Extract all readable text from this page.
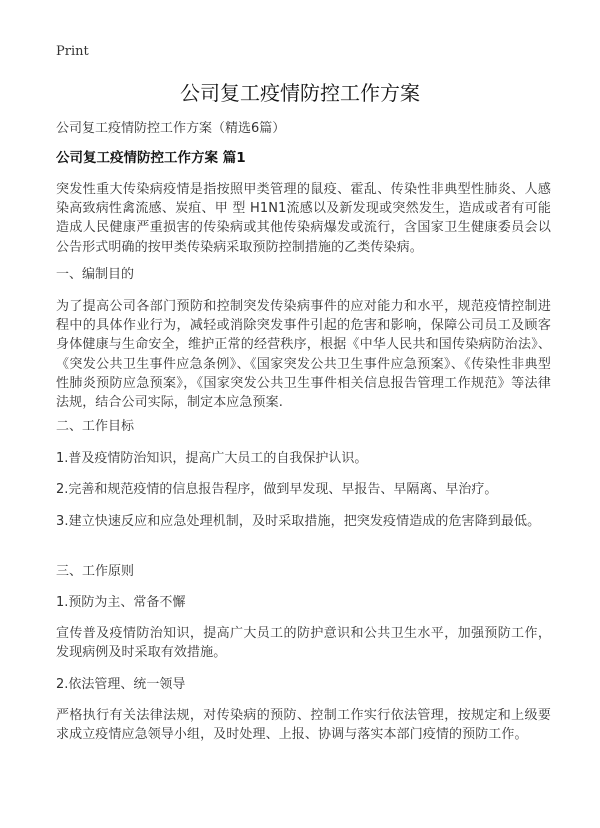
Print
公司复工疫情防控工作方案
公司复工疫情防控工作方案（精选6篇）
公司复工疫情防控工作方案 篇1
突发性重大传染病疫情是指按照甲类管理的鼠疫、霍乱、传染性非典型性肺炎、人感染高致病性禽流感、炭疽、甲 型 H1N1流感以及新发现或突然发生，造成或者有可能造成人民健康严重损害的传染病或其他传染病爆发或流行，含国家卫生健康委员会以公告形式明确的按甲类传染病采取预防控制措施的乙类传染病。
一、编制目的
为了提高公司各部门预防和控制突发传染病事件的应对能力和水平，规范疫情控制进程中的具体作业行为，减轻或消除突发事件引起的危害和影响，保障公司员工及顾客身体健康与生命安全，维护正常的经营秩序，根据《中华人民共和国传染病防治法》、《突发公共卫生事件应急条例》、《国家突发公共卫生事件应急预案》、《传染性非典型性肺炎预防应急预案》，《国家突发公共卫生事件相关信息报告管理工作规范》等法律法规，结合公司实际，制定本应急预案.
二、工作目标
1.普及疫情防治知识，提高广大员工的自我保护认识。
2.完善和规范疫情的信息报告程序，做到早发现、早报告、早隔离、早治疗。
3.建立快速反应和应急处理机制，及时采取措施，把突发疫情造成的危害降到最低。
三、工作原则
1.预防为主、常备不懈
宣传普及疫情防治知识，提高广大员工的防护意识和公共卫生水平，加强预防工作，发现病例及时采取有效措施。
2.依法管理、统一领导
严格执行有关法律法规，对传染病的预防、控制工作实行依法管理，按规定和上级要求成立疫情应急领导小组，及时处理、上报、协调与落实本部门疫情的预防工作。
